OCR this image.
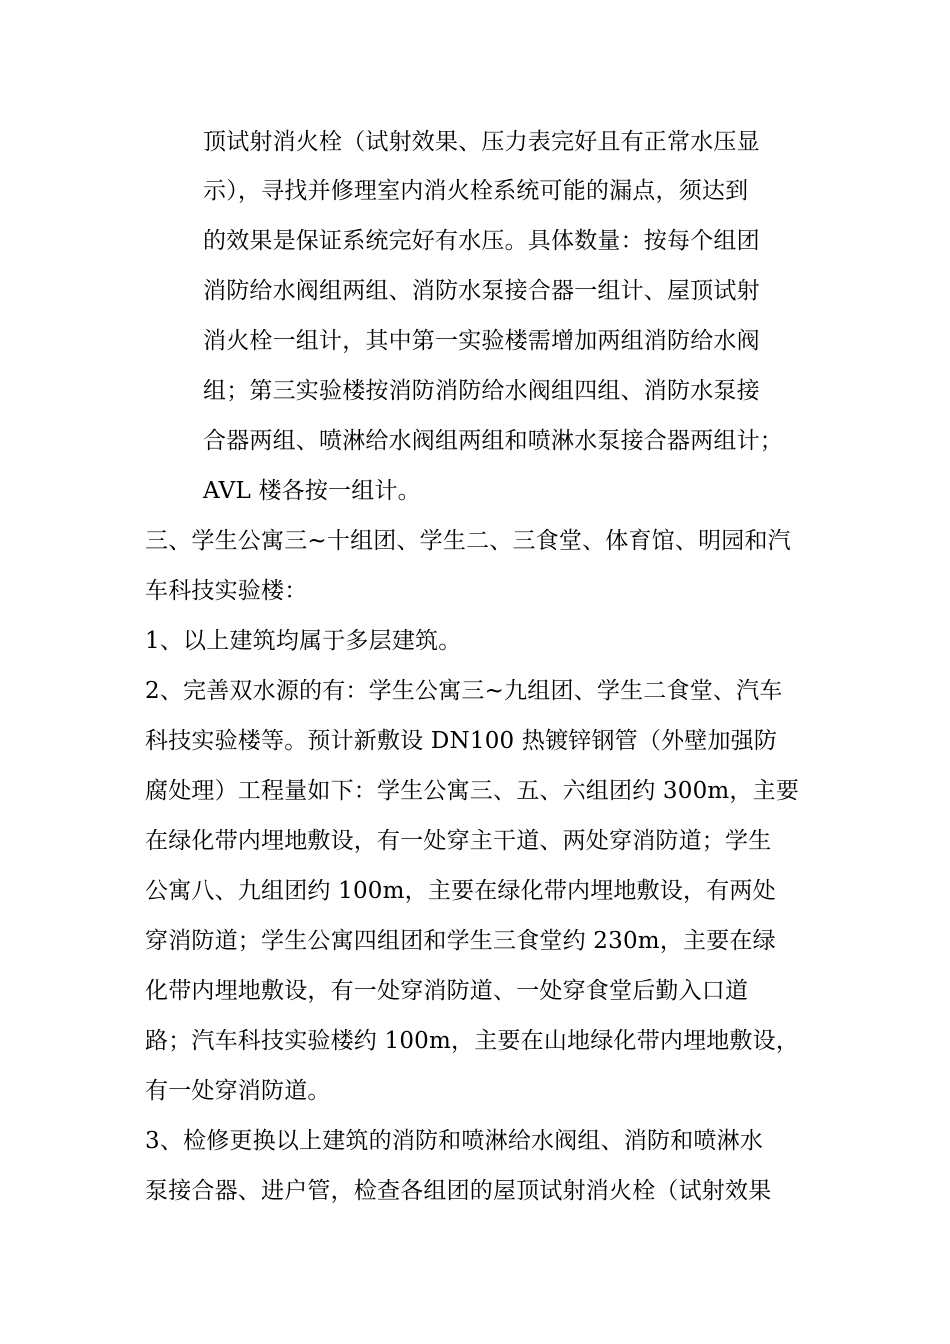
顶试射消火栓（试射效果、压力表完好且有正常水压显
示），寻找并修理室内消火栓系统可能的漏点，须达到
的效果是保证系统完好有水压。具体数量：按每个组团
消防给水阀组两组、消防水泵接合器一组计、屋顶试射
消火栓一组计，其中第一实验楼需增加两组消防给水阀
组；第三实验楼按消防消防给水阀组四组、消防水泵接
合器两组、喷淋给水阀组两组和喷淋水泵接合器两组计；
AVL 楼各按一组计。
三、学生公寓三~十组团、学生二、三食堂、体育馆、明园和汽
车科技实验楼：
1、以上建筑均属于多层建筑。
2、完善双水源的有：学生公寓三~九组团、学生二食堂、汽车
科技实验楼等。预计新敷设 DN100 热镀锌钢管（外壁加强防
腐处理）工程量如下：学生公寓三、五、六组团约 300m，主要
在绿化带内埋地敷设，有一处穿主干道、两处穿消防道；学生
公寓八、九组团约 100m，主要在绿化带内埋地敷设，有两处
穿消防道；学生公寓四组团和学生三食堂约 230m，主要在绿
化带内埋地敷设，有一处穿消防道、一处穿食堂后勤入口道
路；汽车科技实验楼约 100m，主要在山地绿化带内埋地敷设，
有一处穿消防道。
3、检修更换以上建筑的消防和喷淋给水阀组、消防和喷淋水
泵接合器、进户管，检查各组团的屋顶试射消火栓（试射效果
